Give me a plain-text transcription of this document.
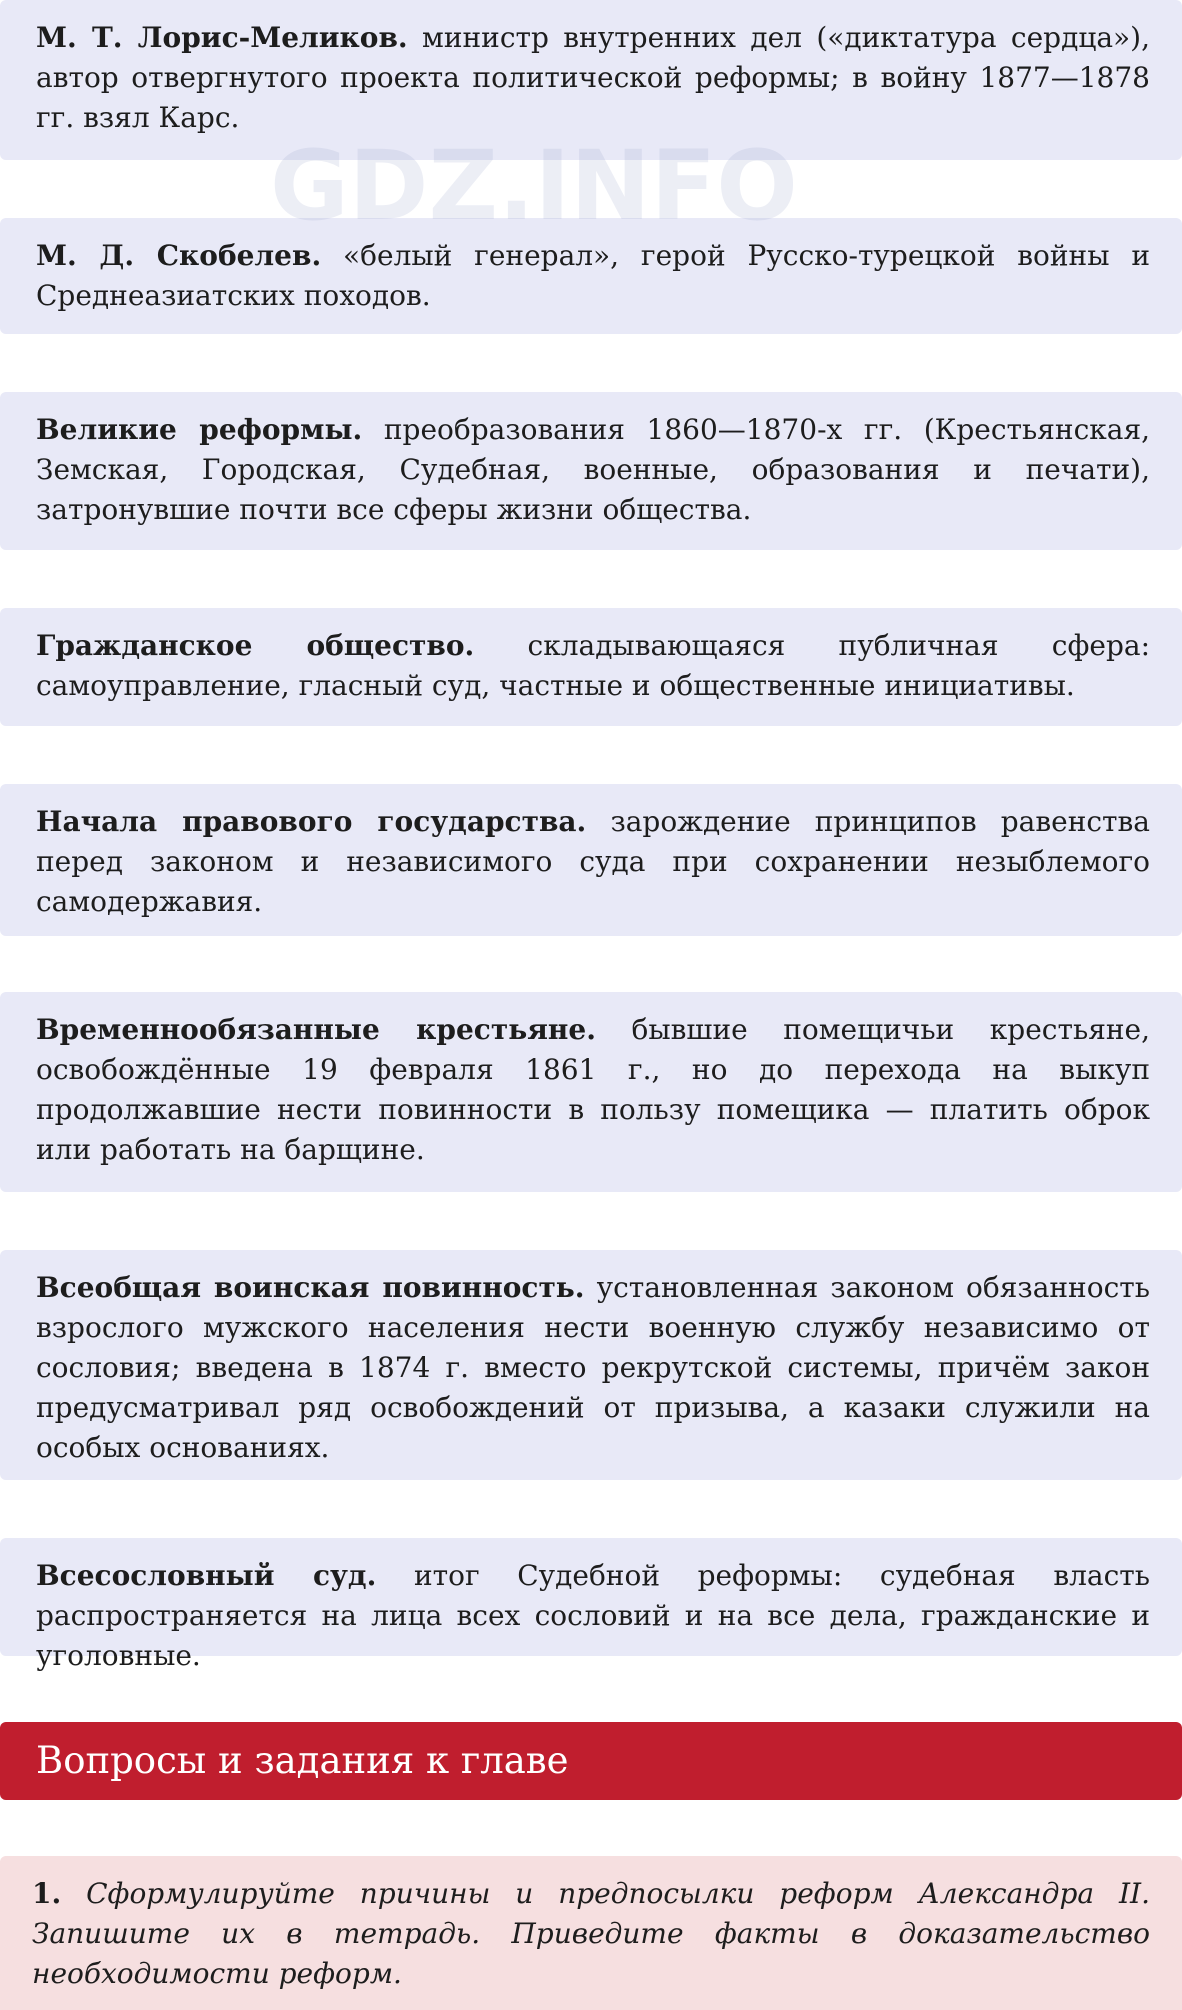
М. Т. Лорис-Меликов. министр внутренних дел («диктатура сердца»), автор отвергнутого проекта политической реформы; в войну 1877—1878 гг. взял Карс.
М. Д. Скобелев. «белый генерал», герой Русско-турецкой войны и Среднеазиатских походов.
Великие реформы. преобразования 1860—1870-х гг. (Крестьянская, Земская, Городская, Судебная, военные, образования и печати), затронувшие почти все сферы жизни общества.
Гражданское общество. складывающаяся публичная сфера: самоуправление, гласный суд, частные и общественные инициативы.
Начала правового государства. зарождение принципов равенства перед законом и независимого суда при сохранении незыблемого самодержавия.
Временнообязанные крестьяне. бывшие помещичьи крестьяне, освобождённые 19 февраля 1861 г., но до перехода на выкуп продолжавшие нести повинности в пользу помещика — платить оброк или работать на барщине.
Всеобщая воинская повинность. установленная законом обязанность взрослого мужского населения нести военную службу независимо от сословия; введена в 1874 г. вместо рекрутской системы, причём закон предусматривал ряд освобождений от призыва, а казаки служили на особых основаниях.
Всесословный суд. итог Судебной реформы: судебная власть распространяется на лица всех сословий и на все дела, гражданские и уголовные.
Вопросы и задания к главе
1. Сформулируйте причины и предпосылки реформ Александра II. Запишите их в тетрадь. Приведите факты в доказательство необходимости реформ.
GDZ.INFO
